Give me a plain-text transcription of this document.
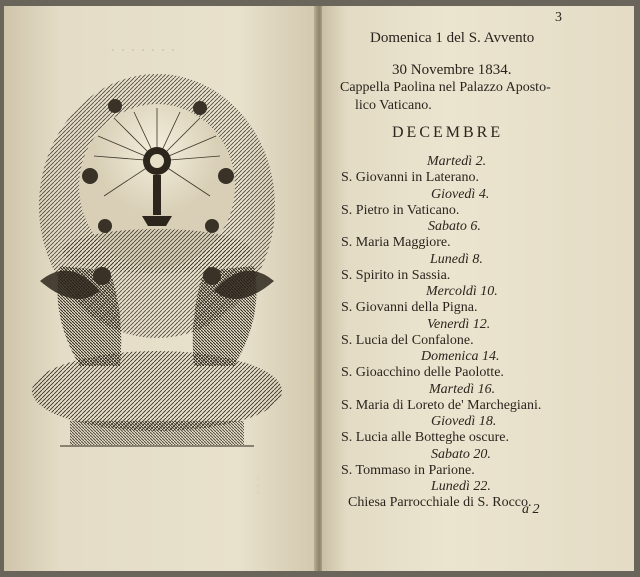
·······
···
3
Domenica 1 del S. Avvento
30 Novembre 1834.
Cappella Paolina nel Palazzo Aposto-
lico Vaticano.
DECEMBRE
Martedì 2.
S. Giovanni in Laterano.
Giovedì 4.
S. Pietro in Vaticano.
Sabato 6.
S. Maria Maggiore.
Lunedì 8.
S. Spirito in Sassia.
Mercoldì 10.
S. Giovanni della Pigna.
Venerdì 12.
S. Lucia del Confalone.
Domenica 14.
S. Gioacchino delle Paolotte.
Martedì 16.
S. Maria di Loreto de' Marchegiani.
Giovedì 18.
S. Lucia alle Botteghe oscure.
Sabato 20.
S. Tommaso in Parione.
Lunedì 22.
Chiesa Parrocchiale di S. Rocco.
a 2
